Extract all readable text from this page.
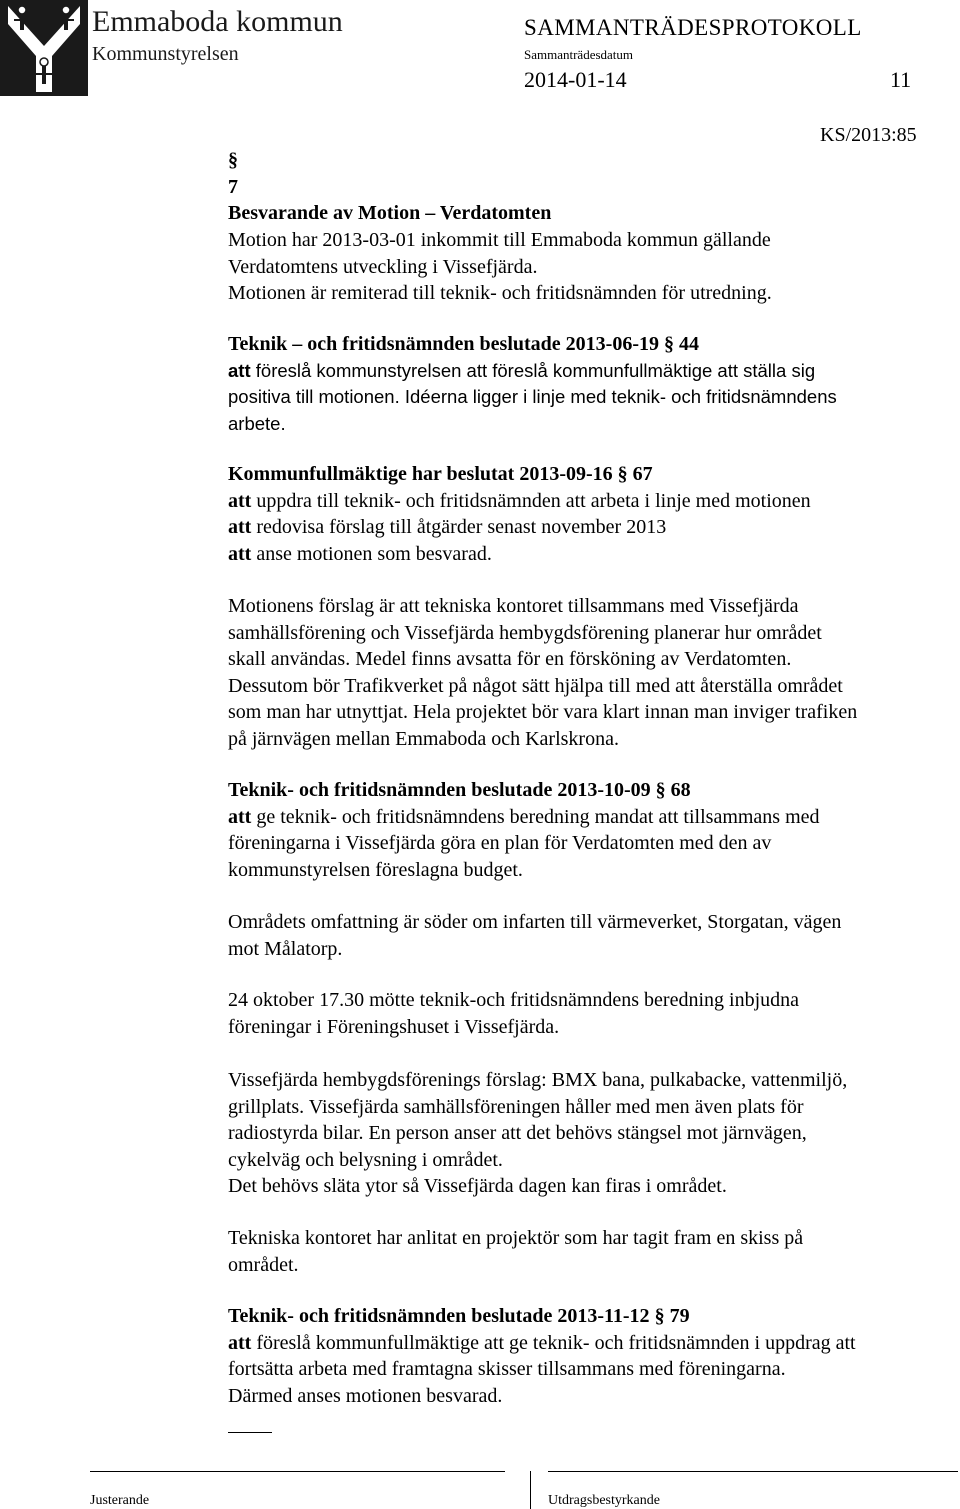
Emmaboda kommun
Kommunstyrelsen
SAMMANTRÄDESPROTOKOLL
Sammanträdesdatum
2014-01-14	11
KS/2013:85

§
7

Besvarande av Motion – Verdatomten

Motion har 2013-03-01 inkommit till Emmaboda kommun gällande

Verdatomtens utveckling i Vissefjärda.

Motionen är remiterad till teknik- och fritidsnämnden för utredning.

Teknik – och fritidsnämnden beslutade 2013-06-19 § 44

att föreslå kommunstyrelsen att föreslå kommunfullmäktige att ställa sig

positiva till motionen. Idéerna ligger i linje med teknik- och fritidsnämndens

arbete.

Kommunfullmäktige har beslutat 2013-09-16 § 67

att uppdra till teknik- och fritidsnämnden att arbeta i linje med motionen

att redovisa förslag till åtgärder senast november 2013

att anse motionen som besvarad.

Motionens förslag är att tekniska kontoret tillsammans med Vissefjärda

samhällsförening och Vissefjärda hembygdsförening planerar hur området

skall användas. Medel finns avsatta för en försköning av Verdatomten.

Dessutom bör Trafikverket på något sätt hjälpa till med att återställa området

som man har utnyttjat. Hela projektet bör vara klart innan man inviger trafiken

på järnvägen mellan Emmaboda och Karlskrona.

Teknik- och fritidsnämnden beslutade 2013-10-09 § 68

att ge teknik- och fritidsnämndens beredning mandat att tillsammans med

föreningarna i Vissefjärda göra en plan för Verdatomten med den av

kommunstyrelsen föreslagna budget.

Områdets omfattning är söder om infarten till värmeverket, Storgatan, vägen

mot Målatorp.

24 oktober 17.30 mötte teknik-och fritidsnämndens beredning inbjudna

föreningar i Föreningshuset i Vissefjärda.

Vissefjärda hembygdsförenings förslag: BMX bana, pulkabacke, vattenmiljö,

grillplats. Vissefjärda samhällsföreningen håller med men även plats för

radiostyrda bilar. En person anser att det behövs stängsel mot järnvägen,

cykelväg och belysning i området.

Det behövs släta ytor så Vissefjärda dagen kan firas i området.

Tekniska kontoret har anlitat en projektör som har tagit fram en skiss på

området.

Teknik- och fritidsnämnden beslutade 2013-11-12 § 79

att föreslå kommunfullmäktige att ge teknik- och fritidsnämnden i uppdrag att

fortsätta arbeta med framtagna skisser tillsammans med föreningarna.

Därmed anses motionen besvarad.

Justerande	Utdragsbestyrkande
